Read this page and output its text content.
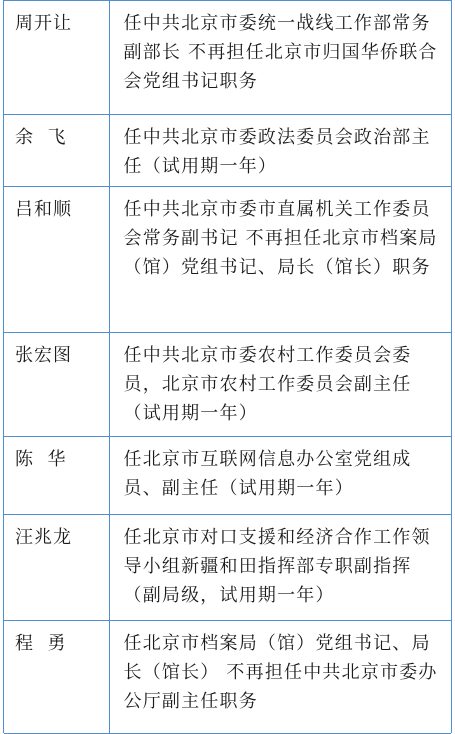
周开让	任中共北京市委统一战线工作部常务副部长 不再担任北京市归国华侨联合会党组书记职务
余  飞	任中共北京市委政法委员会政治部主任（试用期一年）
吕和顺	任中共北京市委市直属机关工作委员会常务副书记 不再担任北京市档案局（馆）党组书记、局长（馆长）职务
张宏图	任中共北京市委农村工作委员会委员，北京市农村工作委员会副主任（试用期一年）
陈  华	任北京市互联网信息办公室党组成员、副主任（试用期一年）
汪兆龙	任北京市对口支援和经济合作工作领导小组新疆和田指挥部专职副指挥（副局级，试用期一年）
程  勇	任北京市档案局（馆）党组书记、局长（馆长） 不再担任中共北京市委办公厅副主任职务
